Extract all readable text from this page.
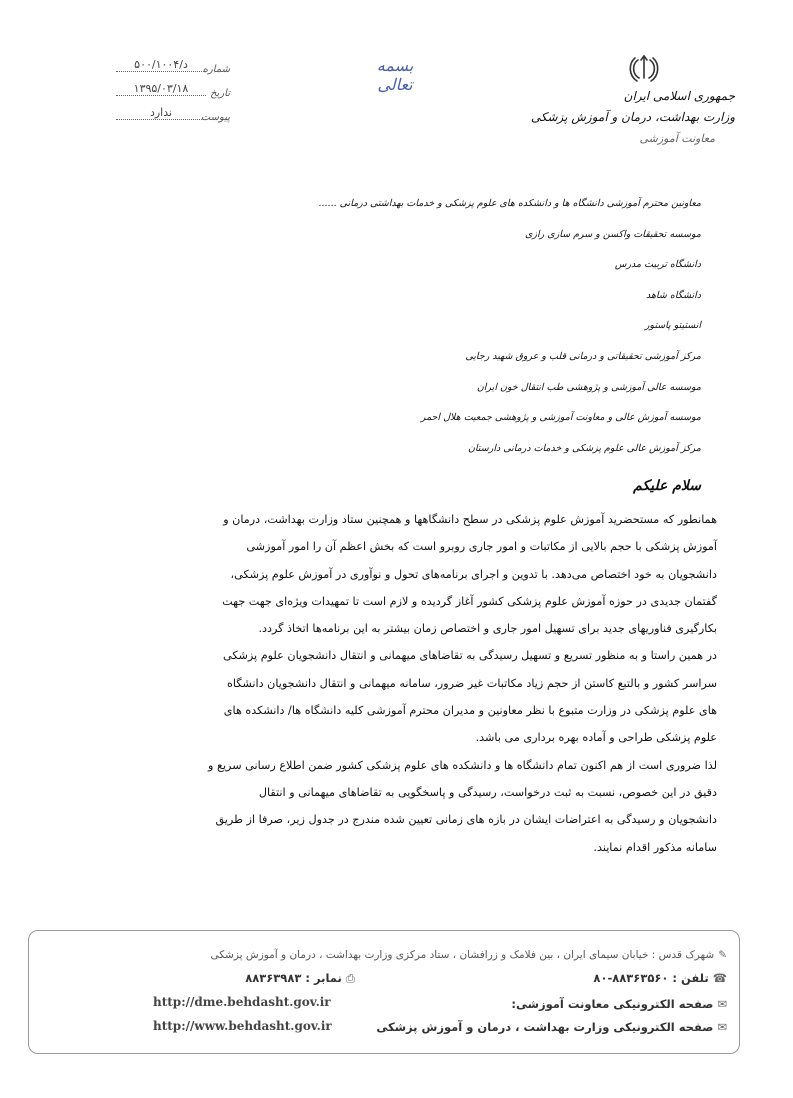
شماره
۵۰۰/۱۰۰۴/د
تاریخ
۱۳۹۵/۰۳/۱۸
پیوست
ندارد
بسمه تعالی
جمهوری اسلامی ایران
وزارت بهداشت، درمان و آموزش پزشکی
معاونت آموزشی
معاونین محترم آموزشی دانشگاه ها و دانشکده های علوم پزشکی و خدمات بهداشتی درمانی ......
موسسه تحقیقات واکسن و سرم سازی رازی
دانشگاه تربیت مدرس
دانشگاه شاهد
انستیتو پاستور
مرکز آموزشی تحقیقاتی و درمانی قلب و عروق شهید رجایی
موسسه عالی آموزشی و پژوهشی طب انتقال خون ایران
موسسه آموزش عالی و معاونت آموزشی و پژوهشی جمعیت هلال احمر
مرکز آموزش عالی علوم پزشکی و خدمات درمانی دارستان
سلام علیکم

همانطور که مستحضرید آموزش علوم پزشکی در سطح دانشگاهها و همچنین ستاد وزارت بهداشت، درمان و

آموزش پزشکی با حجم بالایی از مکاتبات و امور جاری روبرو است که بخش اعظم آن را امور آموزشی

دانشجویان به خود اختصاص می‌دهد. با تدوین و اجرای برنامه‌های تحول و نوآوری در آموزش علوم پزشکی،

گفتمان جدیدی در حوزه آموزش علوم پزشکی کشور آغاز گردیده و لازم است تا تمهیدات ویژه‌ای جهت جهت

بکارگیری فناوریهای جدید برای تسهیل امور جاری و اختصاص زمان بیشتر به این برنامه‌ها اتخاذ گردد.

در همین راستا و به منظور تسریع و تسهیل رسیدگی به تقاضاهای میهمانی و انتقال دانشجویان علوم پزشکی

سراسر کشور و بالتبع کاستن از حجم زیاد مکاتبات غیر ضرور، سامانه میهمانی و انتقال دانشجویان دانشگاه

های علوم پزشکی در وزارت متبوع با نظر معاونین و مدیران محترم آموزشی کلیه دانشگاه ها/ دانشکده های

علوم پزشکی طراحی و آماده بهره برداری می باشد.

لذا ضروری است از هم اکنون تمام دانشگاه ها و دانشکده های علوم پزشکی کشور ضمن اطلاع رسانی سریع و

دقیق در این خصوص، نسبت به ثبت درخواست، رسیدگی و پاسخگویی به تقاضاهای میهمانی و انتقال

دانشجویان و رسیدگی به اعتراضات ایشان در بازه های زمانی تعیین شده مندرج در جدول زیر، صرفا از طریق

سامانه مذکور اقدام نمایند.

✎شهرک قدس : خیابان سیمای ایران ، بین فلامک و زرافشان ، ستاد مرکزی وزارت بهداشت ، درمان و آموزش پزشکی
☎تلفن : ۸۸۳۶۳۵۶۰-۸۰
⎙نمابر : ۸۸۳۶۳۹۸۳
✉صفحه الکترونیکی معاونت آموزشی:
✉صفحه الکترونیکی وزارت بهداشت ، درمان و آموزش پزشکی
http://dme.behdasht.gov.ir
http://www.behdasht.gov.ir
